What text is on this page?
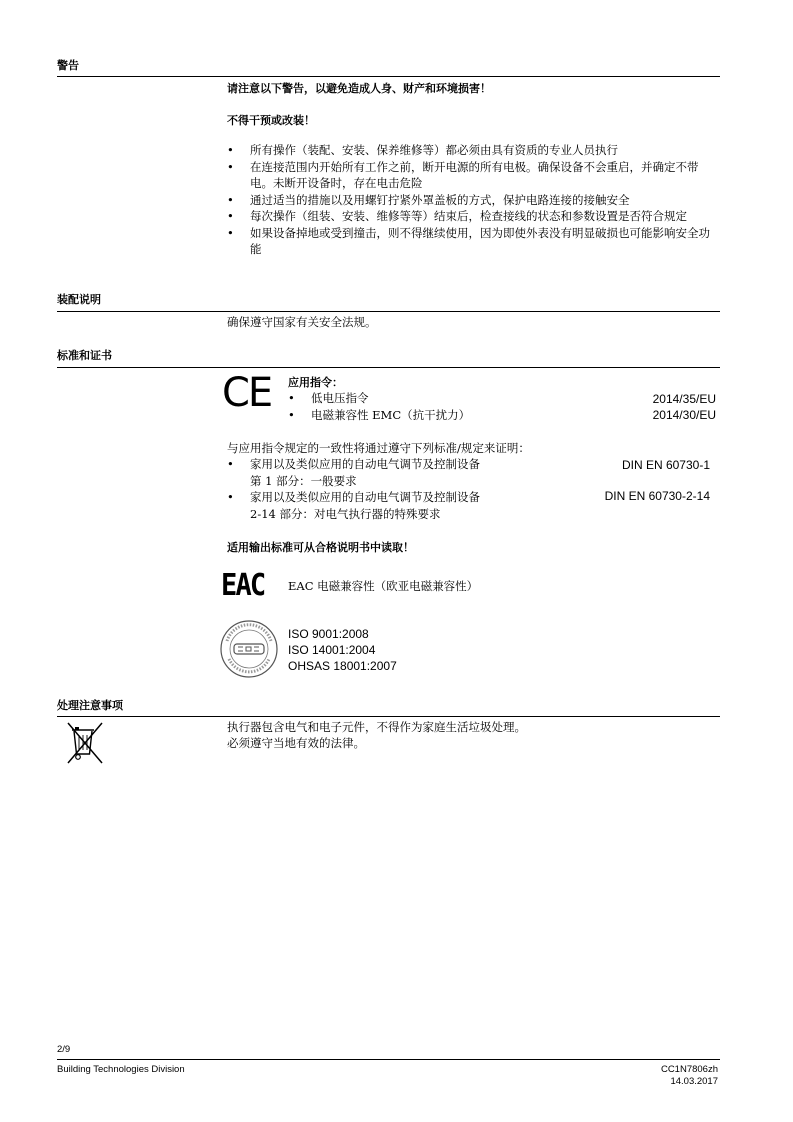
警告
请注意以下警告，以避免造成人身、财产和环境损害！
不得干预或改装！
• 所有操作（装配、安装、保养维修等）都必须由具有资质的专业人员执行
• 在连接范围内开始所有工作之前，断开电源的所有电极。确保设备不会重启，并确定不带电。未断开设备时，存在电击危险
• 通过适当的措施以及用螺钉拧紧外罩盖板的方式，保护电路连接的接触安全
• 每次操作（组装、安装、维修等等）结束后，检查接线的状态和参数设置是否符合规定
• 如果设备掉地或受到撞击，则不得继续使用，因为即使外表没有明显破损也可能影响安全功能
装配说明
确保遵守国家有关安全法规。
标准和证书
CE 应用指令：
• 低电压指令
• 电磁兼容性 EMC（抗干扰力）
2014/35/EU
2014/30/EU
与应用指令规定的一致性将通过遵守下列标准/规定来证明：
• 家用以及类似应用的自动电气调节及控制设备
第 1 部分：一般要求
• 家用以及类似应用的自动电气调节及控制设备
2-14 部分：对电气执行器的特殊要求
DIN EN 60730-1
DIN EN 60730-2-14
适用输出标准可从合格说明书中读取！
EAC EAC 电磁兼容性（欧亚电磁兼容性）
ISO 9001:2008
ISO 14001:2004
OHSAS 18001:2007
处理注意事项
执行器包含电气和电子元件，不得作为家庭生活垃圾处理。
必须遵守当地有效的法律。
2/9
Building Technologies Division	CC1N7806zh
14.03.2017
